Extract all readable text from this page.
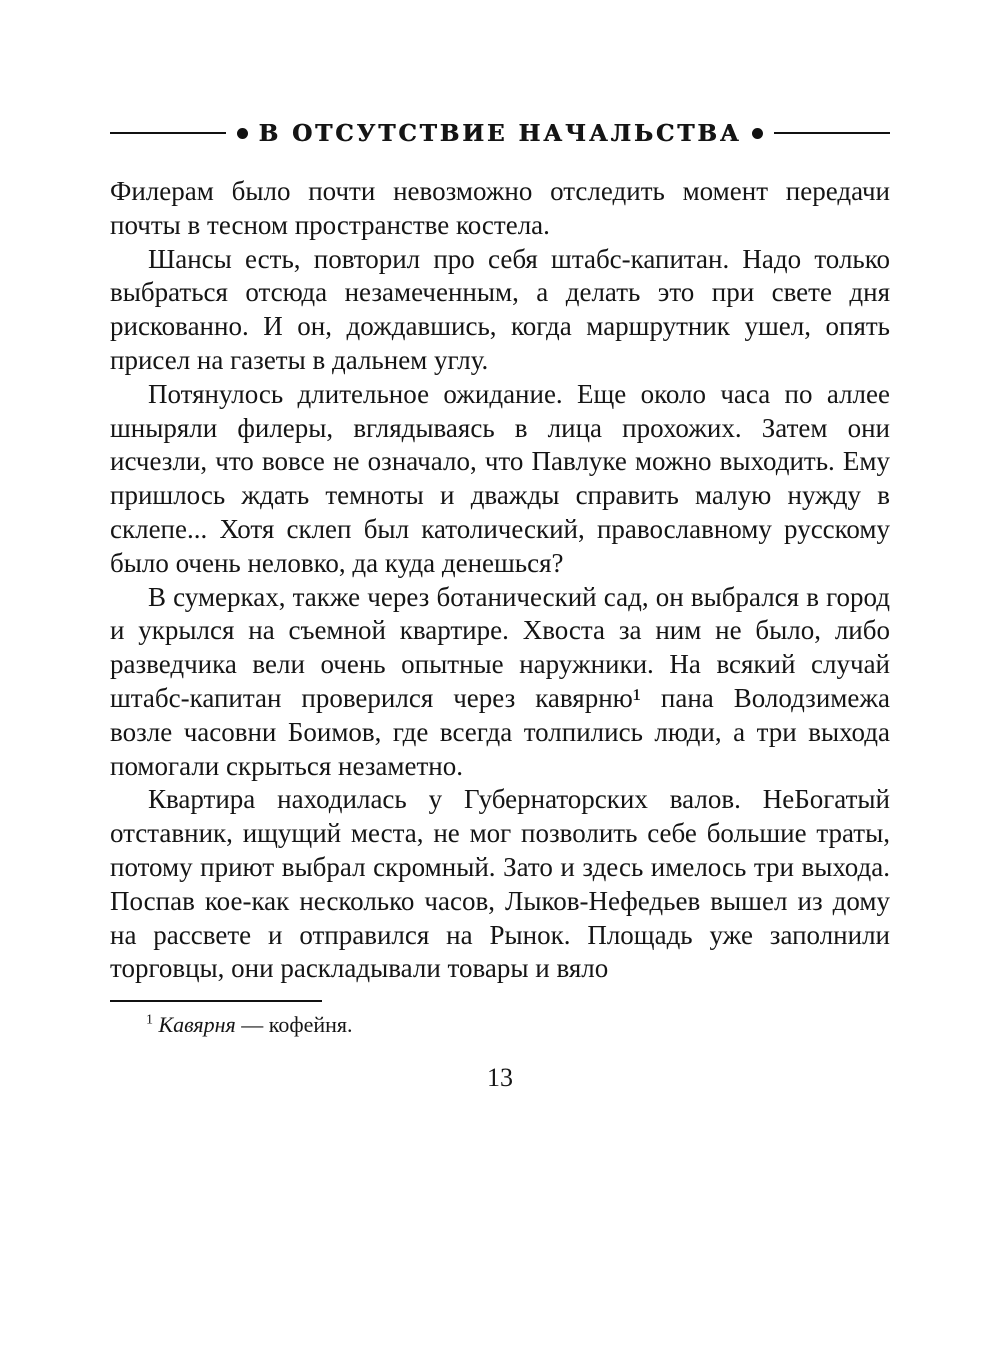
В ОТСУТСТВИЕ НАЧАЛЬСТВА

Филерам было почти невозможно отследить момент передачи почты в тесном пространстве костела.

Шансы есть, повторил про себя штабс-капитан. Надо только выбраться отсюда незамеченным, а делать это при свете дня рискованно. И он, дождавшись, когда маршрутник ушел, опять присел на газеты в дальнем углу.

Потянулось длительное ожидание. Еще около часа по аллее шныряли филеры, вглядываясь в лица прохожих. Затем они исчезли, что вовсе не означало, что Павлуке можно выходить. Ему пришлось ждать темноты и дважды справить малую нужду в склепе... Хотя склеп был католический, православному русскому было очень неловко, да куда денешься?

В сумерках, также через ботанический сад, он выбрался в город и укрылся на съемной квартире. Хвоста за ним не было, либо разведчика вели очень опытные наружники. На всякий случай штабс-капитан проверился через кавярню¹ пана Володзимежа возле часовни Боимов, где всегда толпились люди, а три выхода помогали скрыться незаметно.

Квартира находилась у Губернаторских валов. НеБогатый отставник, ищущий места, не мог позволить себе большие траты, потому приют выбрал скромный. Зато и здесь имелось три выхода. Поспав кое-как несколько часов, Лыков-Нефедьев вышел из дому на рассвете и отправился на Рынок. Площадь уже заполнили торговцы, они раскладывали товары и вяло

$^1$ Кавярня — кофейня.
13
